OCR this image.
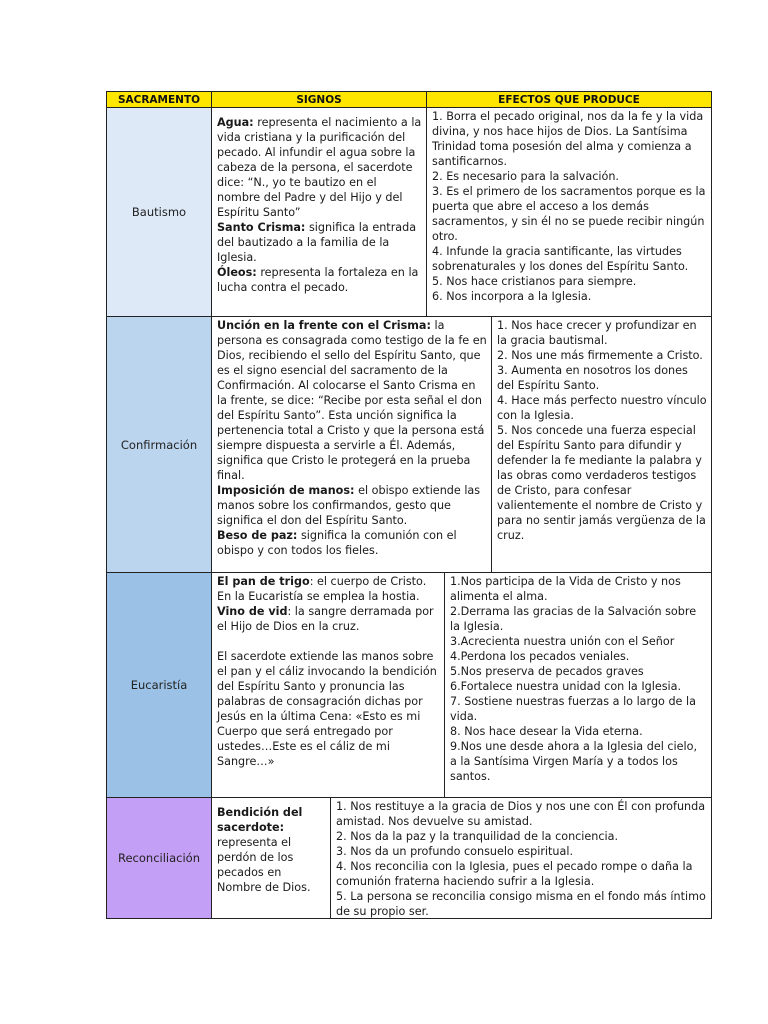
SACRAMENTO	SIGNOS	EFECTOS QUE PRODUCE
Bautismo

Agua: representa el nacimiento a la vida cristiana y la purificación del pecado. Al infundir el agua sobre la cabeza de la persona, el sacerdote dice: “N., yo te bautizo en el nombre del Padre y del Hijo y del Espíritu Santo”

Santo Crisma: significa la entrada del bautizado a la familia de la Iglesia.

Óleos: representa la fortaleza en la lucha contra el pecado.

1. Borra el pecado original, nos da la fe y la vida divina, y nos hace hijos de Dios. La Santísima Trinidad toma posesión del alma y comienza a santificarnos.

2. Es necesario para la salvación.

3. Es el primero de los sacramentos porque es la puerta que abre el acceso a los demás sacramentos, y sin él no se puede recibir ningún otro.

4. Infunde la gracia santificante, las virtudes sobrenaturales y los dones del Espíritu Santo.

5. Nos hace cristianos para siempre.

6. Nos incorpora a la Iglesia.

Confirmación

Unción en la frente con el Crisma: la persona es consagrada como testigo de la fe en Dios, recibiendo el sello del Espíritu Santo, que es el signo esencial del sacramento de la Confirmación. Al colocarse el Santo Crisma en la frente, se dice: “Recibe por esta señal el don del Espíritu Santo”. Esta unción significa la pertenencia total a Cristo y que la persona está siempre dispuesta a servirle a Él. Además, significa que Cristo le protegerá en la prueba final.

Imposición de manos: el obispo extiende las manos sobre los confirmandos, gesto que significa el don del Espíritu Santo.

Beso de paz: significa la comunión con el obispo y con todos los fieles.

1. Nos hace crecer y profundizar en la gracia bautismal.

2. Nos une más firmemente a Cristo.

3. Aumenta en nosotros los dones del Espíritu Santo.

4. Hace más perfecto nuestro vínculo con la Iglesia.

5. Nos concede una fuerza especial del Espíritu Santo para difundir y defender la fe mediante la palabra y las obras como verdaderos testigos de Cristo, para confesar valientemente el nombre de Cristo y para no sentir jamás vergüenza de la cruz.

Eucaristía

El pan de trigo: el cuerpo de Cristo. En la Eucaristía se emplea la hostia.

Vino de vid: la sangre derramada por el Hijo de Dios en la cruz.

El sacerdote extiende las manos sobre el pan y el cáliz invocando la bendición del Espíritu Santo y pronuncia las palabras de consagración dichas por Jesús en la última Cena: «Esto es mi Cuerpo que será entregado por ustedes…Este es el cáliz de mi Sangre…»

1.Nos participa de la Vida de Cristo y nos alimenta el alma.

2.Derrama las gracias de la Salvación sobre la Iglesia.

3.Acrecienta nuestra unión con el Señor

4.Perdona los pecados veniales.

5.Nos preserva de pecados graves

6.Fortalece nuestra unidad con la Iglesia.

7. Sostiene nuestras fuerzas a lo largo de la vida.

8. Nos hace desear la Vida eterna.

9.Nos une desde ahora a la Iglesia del cielo, a la Santísima Virgen María y a todos los santos.

Reconciliación

Bendición del sacerdote: representa el perdón de los pecados en Nombre de Dios.

1. Nos restituye a la gracia de Dios y nos une con Él con profunda amistad. Nos devuelve su amistad.

2. Nos da la paz y la tranquilidad de la conciencia.

3. Nos da un profundo consuelo espiritual.

4. Nos reconcilia con la Iglesia, pues el pecado rompe o daña la comunión fraterna haciendo sufrir a la Iglesia.

5. La persona se reconcilia consigo misma en el fondo más íntimo de su propio ser.
